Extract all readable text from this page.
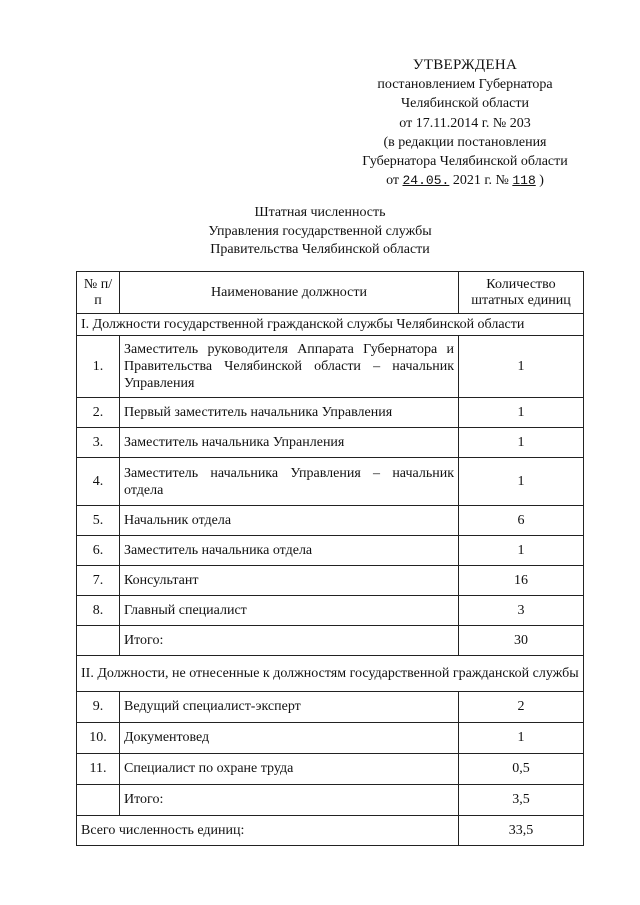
УТВЕРЖДЕНА
постановлением Губернатора
Челябинской области
от 17.11.2014 г. № 203
(в редакции постановления
Губернатора Челябинской области
от 24.05. 2021 г. № 118 )
Штатная численность
Управления государственной службы
Правительства Челябинской области
№ п/п	Наименование должности	Количество штатных единиц
I. Должности государственной гражданской службы Челябинской области		
1.	Заместитель руководителя Аппарата Губернатора и Правительства Челябинской области – начальник Управления	1
2.	Первый заместитель начальника Управления	1
3.	Заместитель начальника Упранления	1
4.	Заместитель начальника Управления – начальник отдела	1
5.	Начальник отдела	6
6.	Заместитель начальника отдела	1
7.	Консультант	16
8.	Главный специалист	3
	Итого:	30
II. Должности, не отнесенные к должностям государственной гражданской службы		
9.	Ведущий специалист-эксперт	2
10.	Документовед	1
11.	Специалист по охране труда	0,5
	Итого:	3,5
Всего численность единиц:		33,5
